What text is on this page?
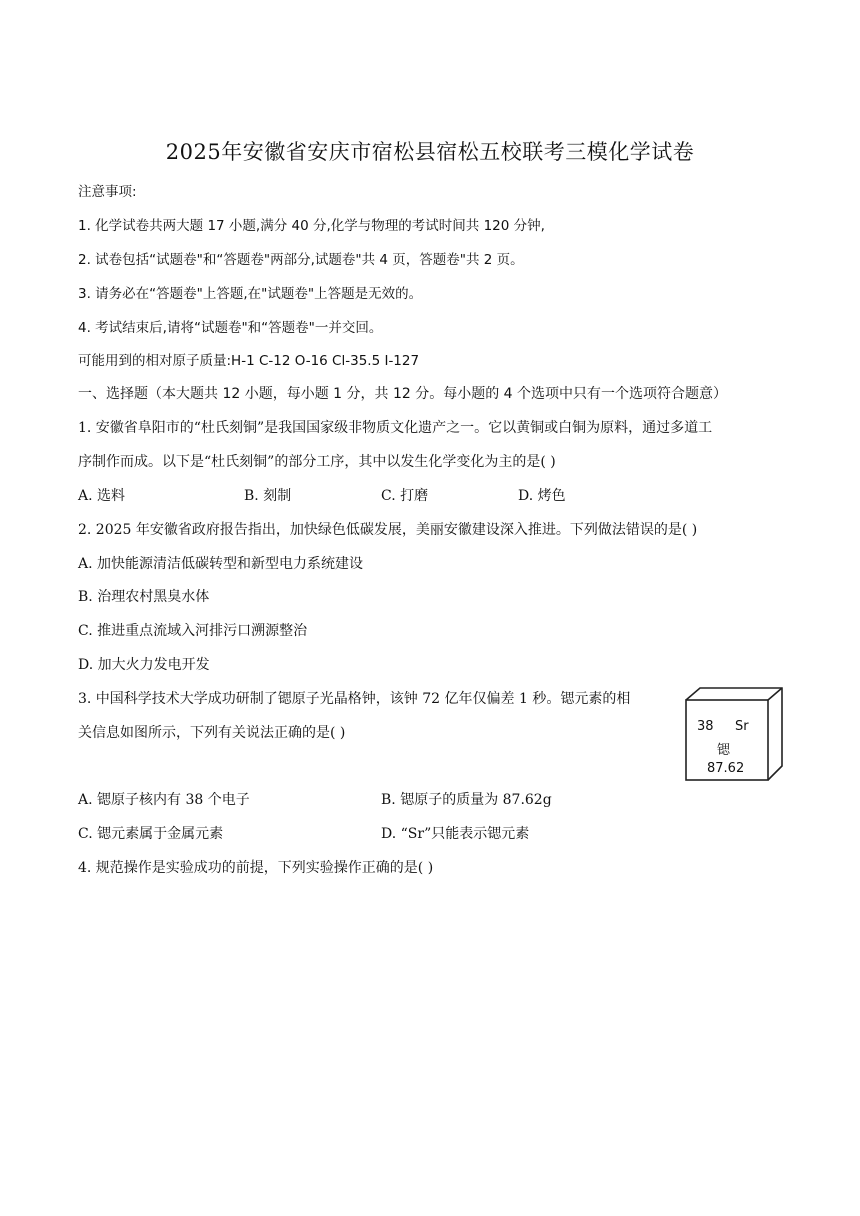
2025年安徽省安庆市宿松县宿松五校联考三模化学试卷
注意事项:
1. 化学试卷共两大题 17 小题,满分 40 分,化学与物理的考试时间共 120 分钟,
2. 试卷包括“试题卷"和“答题卷"两部分,试题卷"共 4 页，答题卷"共 2 页。
3. 请务必在“答题卷"上答题,在"试题卷"上答题是无效的。
4. 考试结束后,请将“试题卷"和“答题卷"一并交回。
可能用到的相对原子质量:H-1 C-12 O-16 Cl-35.5 I-127
一、选择题（本大题共 12 小题，每小题 1 分，共 12 分。每小题的 4 个选项中只有一个选项符合题意）
1. 安徽省阜阳市的“杜氏刻铜”是我国国家级非物质文化遗产之一。它以黄铜或白铜为原料，通过多道工
序制作而成。以下是“杜氏刻铜”的部分工序，其中以发生化学变化为主的是( )
A. 选料	B. 刻制	C. 打磨	D. 烤色
2. 2025 年安徽省政府报告指出，加快绿色低碳发展，美丽安徽建设深入推进。下列做法错误的是( )
A. 加快能源清洁低碳转型和新型电力系统建设
B. 治理农村黑臭水体
C. 推进重点流域入河排污口溯源整治
D. 加大火力发电开发
3. 中国科学技术大学成功研制了锶原子光晶格钟，该钟 72 亿年仅偏差 1 秒。锶元素的相
关信息如图所示，下列有关说法正确的是( )	38 Sr
锶
87.62
A. 锶原子核内有 38 个电子	B. 锶原子的质量为 87.62g
C. 锶元素属于金属元素	D. “Sr”只能表示锶元素
4. 规范操作是实验成功的前提，下列实验操作正确的是( )
